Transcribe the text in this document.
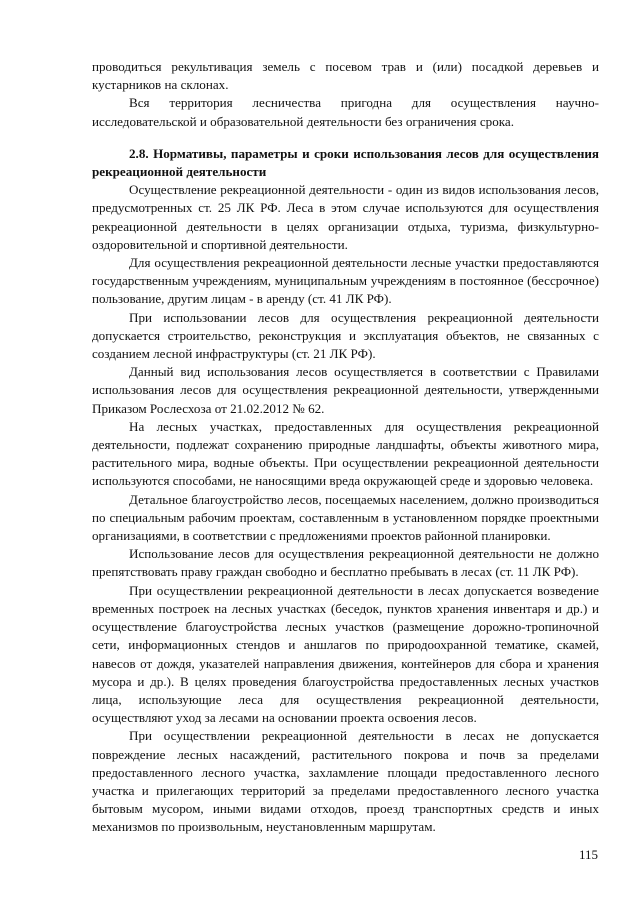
проводиться рекультивация земель с посевом трав и (или) посадкой деревьев и кустарников на склонах.

Вся территория лесничества пригодна для осуществления научно-исследовательской и образовательной деятельности без ограничения срока.

2.8. Нормативы, параметры и сроки использования лесов для осуществления рекреационной деятельности

Осуществление рекреационной деятельности - один из видов использования лесов, предусмотренных ст. 25 ЛК РФ. Леса в этом случае используются для осуществления рекреационной деятельности в целях организации отдыха, туризма, физкультурно-оздоровительной и спортивной деятельности.

Для осуществления рекреационной деятельности лесные участки предоставляются государственным учреждениям, муниципальным учреждениям в постоянное (бессрочное) пользование, другим лицам - в аренду (ст. 41 ЛК РФ).

При использовании лесов для осуществления рекреационной деятельности допускается строительство, реконструкция и эксплуатация объектов, не связанных с созданием лесной инфраструктуры (ст. 21 ЛК РФ).

Данный вид использования лесов осуществляется в соответствии с Правилами использования лесов для осуществления рекреационной деятельности, утвержденными Приказом Рослесхоза от 21.02.2012 № 62.

На лесных участках, предоставленных для осуществления рекреационной деятельности, подлежат сохранению природные ландшафты, объекты животного мира, растительного мира, водные объекты. При осуществлении рекреационной деятельности используются способами, не наносящими вреда окружающей среде и здоровью человека.

Детальное благоустройство лесов, посещаемых населением, должно производиться по специальным рабочим проектам, составленным в установленном порядке проектными организациями, в соответствии с предложениями проектов районной планировки.

Использование лесов для осуществления рекреационной деятельности не должно препятствовать праву граждан свободно и бесплатно пребывать в лесах (ст. 11 ЛК РФ).

При осуществлении рекреационной деятельности в лесах допускается возведение временных построек на лесных участках (беседок, пунктов хранения инвентаря и др.) и осуществление благоустройства лесных участков (размещение дорожно-тропиночной сети, информационных стендов и аншлагов по природоохранной тематике, скамей, навесов от дождя, указателей направления движения, контейнеров для сбора и хранения мусора и др.). В целях проведения благоустройства предоставленных лесных участков лица, использующие леса для осуществления рекреационной деятельности, осуществляют уход за лесами на основании проекта освоения лесов.

При осуществлении рекреационной деятельности в лесах не допускается повреждение лесных насаждений, растительного покрова и почв за пределами предоставленного лесного участка, захламление площади предоставленного лесного участка и прилегающих территорий за пределами предоставленного лесного участка бытовым мусором, иными видами отходов, проезд транспортных средств и иных механизмов по произвольным, неустановленным маршрутам.

115
